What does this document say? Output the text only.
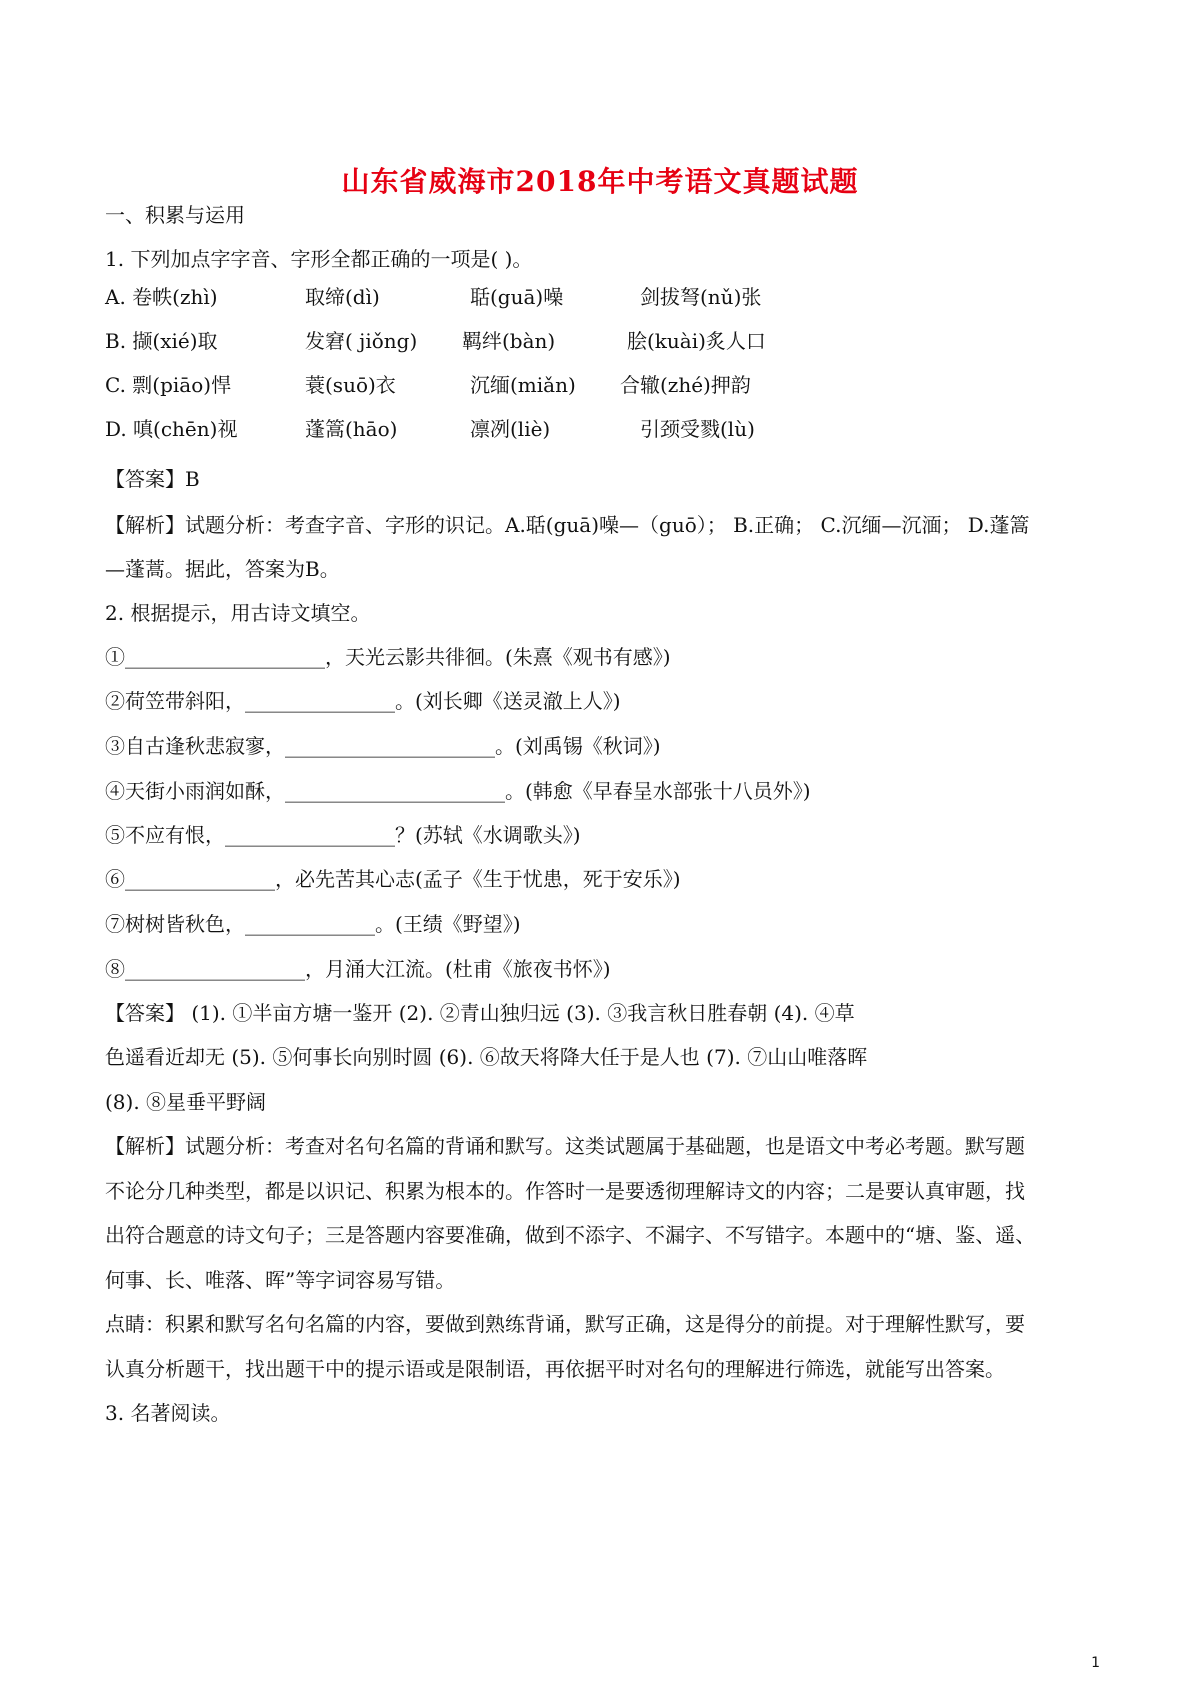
山东省威海市2018年中考语文真题试题
一、积累与运用
1. 下列加点字字音、字形全都正确的一项是( )。
A. 卷帙(zhì)	取缔(dì)	聒(guā)噪	剑拔弩(nǔ)张
B. 撷(xié)取	发窘( jiǒng) 羁绊(bàn)	脍(kuài)炙人口
C. 剽(piāo)悍	蓑(suō)衣	沉缅(miǎn) 合辙(zhé)押韵
D. 嗔(chēn)视	蓬篙(hāo)	凛冽(liè)	引颈受戮(lù)
【答案】B
【解析】试题分析：考查字音、字形的识记。A.聒(guā)噪—（guō）； B.正确； C.沉缅—沉湎； D.蓬篙
—蓬蒿。据此，答案为B。
2. 根据提示，用古诗文填空。
①____________________，天光云影共徘徊。(朱熹《观书有感》)
②荷笠带斜阳，_______________。(刘长卿《送灵澈上人》)
③自古逢秋悲寂寥，_____________________。(刘禹锡《秋词》)
④天街小雨润如酥，______________________。(韩愈《早春呈水部张十八员外》)
⑤不应有恨，_________________？(苏轼《水调歌头》)
⑥_______________，必先苦其心志(孟子《生于忧患，死于安乐》)
⑦树树皆秋色，_____________。(王绩《野望》)
⑧__________________，月涌大江流。(杜甫《旅夜书怀》)
【答案】 (1). ①半亩方塘一鉴开 (2). ②青山独归远 (3). ③我言秋日胜春朝 (4). ④草
色遥看近却无 (5). ⑤何事长向别时圆 (6). ⑥故天将降大任于是人也 (7). ⑦山山唯落晖
(8). ⑧星垂平野阔
【解析】试题分析：考查对名句名篇的背诵和默写。这类试题属于基础题，也是语文中考必考题。默写题
不论分几种类型，都是以识记、积累为根本的。作答时一是要透彻理解诗文的内容；二是要认真审题，找
出符合题意的诗文句子；三是答题内容要准确，做到不添字、不漏字、不写错字。本题中的“塘、鉴、遥、
何事、长、唯落、晖”等字词容易写错。
点睛：积累和默写名句名篇的内容，要做到熟练背诵，默写正确，这是得分的前提。对于理解性默写，要
认真分析题干，找出题干中的提示语或是限制语，再依据平时对名句的理解进行筛选，就能写出答案。
3. 名著阅读。
1
